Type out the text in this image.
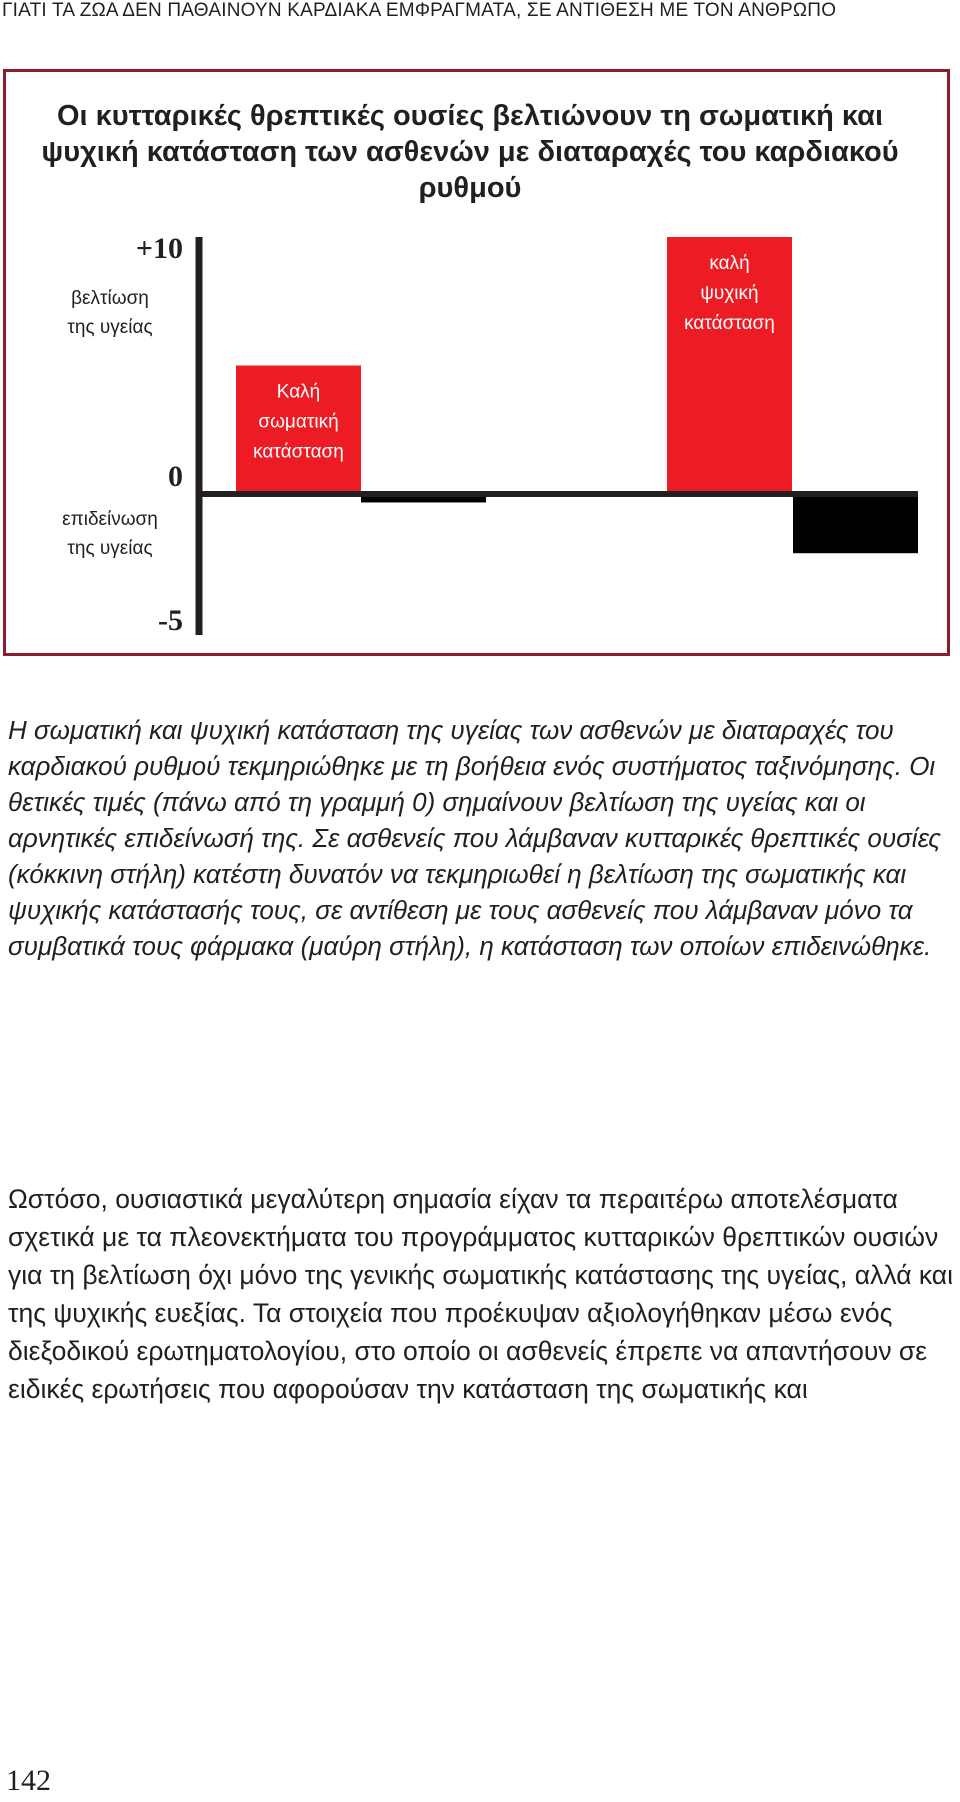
ΓΙΑΤΙ ΤΑ ΖΩΑ ΔΕΝ ΠΑΘΑΙΝΟΥΝ ΚΑΡΔΙΑΚΑ ΕΜΦΡΑΓΜΑΤΑ, ΣΕ ΑΝΤΙΘΕΣΗ ΜΕ ΤΟΝ ΑΝΘΡΩΠΟ
Οι κυτταρικές θρεπτικές ουσίες βελτιώνουν τη σωματική και ψυχική κατάσταση των ασθενών με διαταραχές του καρδιακού ρυθμού
Καλή
σωματική
κατάσταση
καλή
ψυχική
κατάσταση
+10
0
-5
βελτίωση
της υγείας
επιδείνωση
της υγείας
Η σωματική και ψυχική κατάσταση της υγείας των ασθενών με διαταραχές του καρδιακού ρυθμού τεκμηριώθηκε με τη βοήθεια ενός συστήματος ταξινόμησης. Οι θετικές τιμές (πάνω από τη γραμμή 0) σημαίνουν βελτίωση της υγείας και οι αρνητικές επιδείνωσή της. Σε ασθενείς που λάμβαναν κυτταρικές θρεπτικές ουσίες (κόκκινη στήλη) κατέστη δυνατόν να τεκμηριωθεί η βελτίωση της σωματικής και ψυχικής κατάστασής τους, σε αντίθεση με τους ασθενείς που λάμβαναν μόνο τα συμβατικά τους φάρμακα (μαύρη στήλη), η κατάσταση των οποίων επιδεινώθηκε.
Ωστόσο, ουσιαστικά μεγαλύτερη σημασία είχαν τα περαιτέρω αποτελέσματα σχετικά με τα πλεονεκτήματα του προγράμματος κυτταρικών θρεπτικών ουσιών για τη βελτίωση όχι μόνο της γενικής σωματικής κατάστασης της υγείας, αλλά και της ψυχικής ευεξίας. Τα στοιχεία που προέκυψαν αξιολογήθηκαν μέσω ενός διεξοδικού ερωτηματολογίου, στο οποίο οι ασθενείς έπρεπε να απαντήσουν σε ειδικές ερωτήσεις που αφορούσαν την κατάσταση της σωματικής και
142
